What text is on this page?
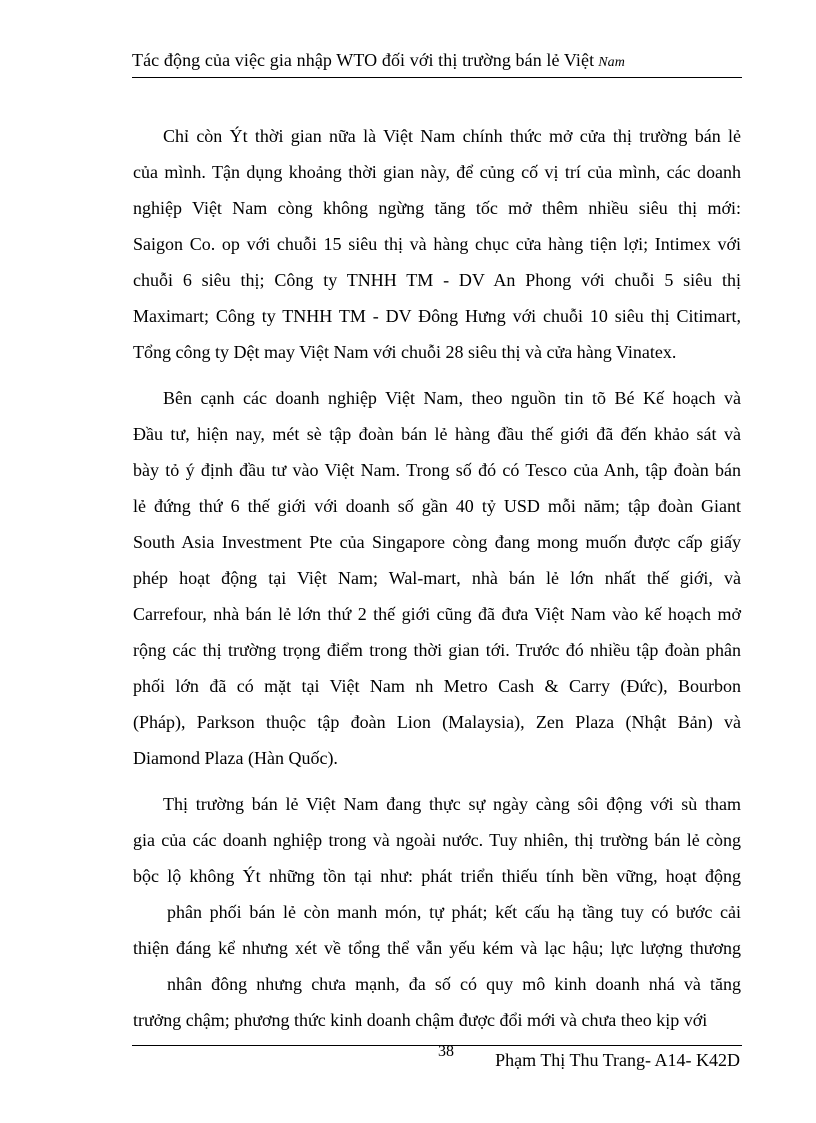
Tác động của việc gia nhập WTO đối với thị trường bán lẻ Việt Nam
Chỉ còn Ýt thời gian nữa là Việt Nam chính thức mở cửa thị trường bán lẻ
của mình. Tận dụng khoảng thời gian này, để củng cố vị trí của mình, các doanh
nghiệp Việt Nam còng không ngừng tăng tốc mở thêm nhiều siêu thị mới:
Saigon Co. op với chuỗi 15 siêu thị và hàng chục cửa hàng tiện lợi; Intimex với
chuỗi 6 siêu thị; Công ty TNHH TM - DV An Phong với chuỗi 5 siêu thị
Maximart; Công ty TNHH TM - DV Đông Hưng với chuỗi 10 siêu thị Citimart,
Tổng công ty Dệt may Việt Nam với chuỗi 28 siêu thị và cửa hàng Vinatex.
Bên cạnh các doanh nghiệp Việt Nam, theo nguồn tin tõ Bé Kế hoạch và
Đầu tư, hiện nay, mét sè tập đoàn bán lẻ hàng đầu thế giới đã đến khảo sát và
bày tỏ ý định đầu tư vào Việt Nam. Trong số đó có Tesco của Anh, tập đoàn bán
lẻ đứng thứ 6 thế giới với doanh số gần 40 tỷ USD mỗi năm; tập đoàn Giant
South Asia Investment Pte của Singapore còng đang mong muốn được cấp giấy
phép hoạt động tại Việt Nam; Wal-mart, nhà bán lẻ lớn nhất thế giới, và
Carrefour, nhà bán lẻ lớn thứ 2 thế giới cũng đã đưa Việt Nam vào kế hoạch mở
rộng các thị trường trọng điểm trong thời gian tới. Trước đó nhiều tập đoàn phân
phối lớn đã có mặt tại Việt Nam nh Metro Cash & Carry (Đức), Bourbon
(Pháp), Parkson thuộc tập đoàn Lion (Malaysia), Zen Plaza (Nhật Bản) và
Diamond Plaza (Hàn Quốc).
Thị trường bán lẻ Việt Nam đang thực sự ngày càng sôi động với sù tham
gia của các doanh nghiệp trong và ngoài nước. Tuy nhiên, thị trường bán lẻ còng
bộc lộ không Ýt những tồn tại như: phát triển thiếu tính bền vững, hoạt động
phân phối bán lẻ còn manh món, tự phát; kết cấu hạ tầng tuy có bước cải
thiện đáng kể nhưng xét về tổng thể vẫn yếu kém và lạc hậu; lực lượng thương
nhân đông nhưng chưa mạnh, đa số có quy mô kinh doanh nhá và tăng
trưởng chậm; phương thức kinh doanh chậm được đổi mới và chưa theo kịp với
38 Phạm Thị Thu Trang- A14- K42D
